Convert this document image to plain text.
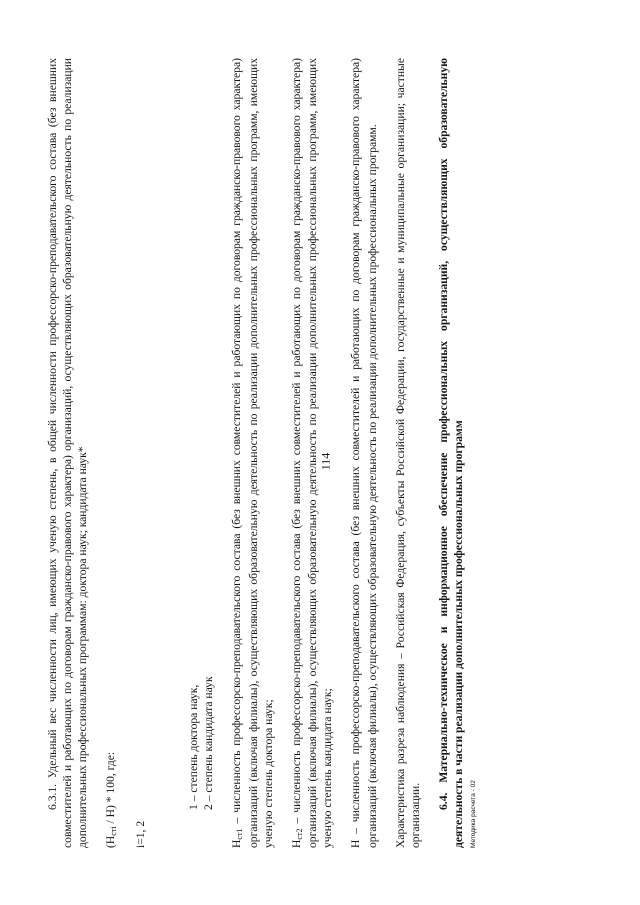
114

6.3.1. Удельный вес численности лиц, имеющих ученую степень, в общей численности профессорско-преподавательского состава (без внешних совместителей и работающих по договорам гражданско-правового характера) организаций, осуществляющих образовательную деятельность по реализации дополнительных профессиональных программам: доктора наук; кандидата наук* $(Н_{стi} / Н) * 100$, где:

i=1, 2

1 – степень доктора наук, 2 – степень кандидата наук

$Н_{ст1}$ – численность профессорско-преподавательского состава (без внешних совместителей и работающих по договорам гражданско-правового характера) организаций (включая филиалы), осуществляющих образовательную деятельность по реализации дополнительных профессиональных программ, имеющих ученую степень доктора наук; $Н_{ст2}$ – численность профессорско-преподавательского состава (без внешних совместителей и работающих по договорам гражданско-правового характера) организаций (включая филиалы), осуществляющих образовательную деятельность по реализации дополнительных профессиональных программ, имеющих ученую степень кандидата наук; Н – численность профессорско-преподавательского состава (без внешних совместителей и работающих по договорам гражданско-правового характера) организаций (включая филиалы), осуществляющих образовательную деятельность по реализации дополнительных профессиональных программ. Характеристика разреза наблюдения – Российская Федерация, субъекты Российской Федерации, государственные и муниципальные организации; частные организации.

6.4. Материально-техническое и информационное обеспечение профессиональных организаций, осуществляющих образовательную деятельность в части реализации дополнительных профессиональных программ Методика расчета - 02
